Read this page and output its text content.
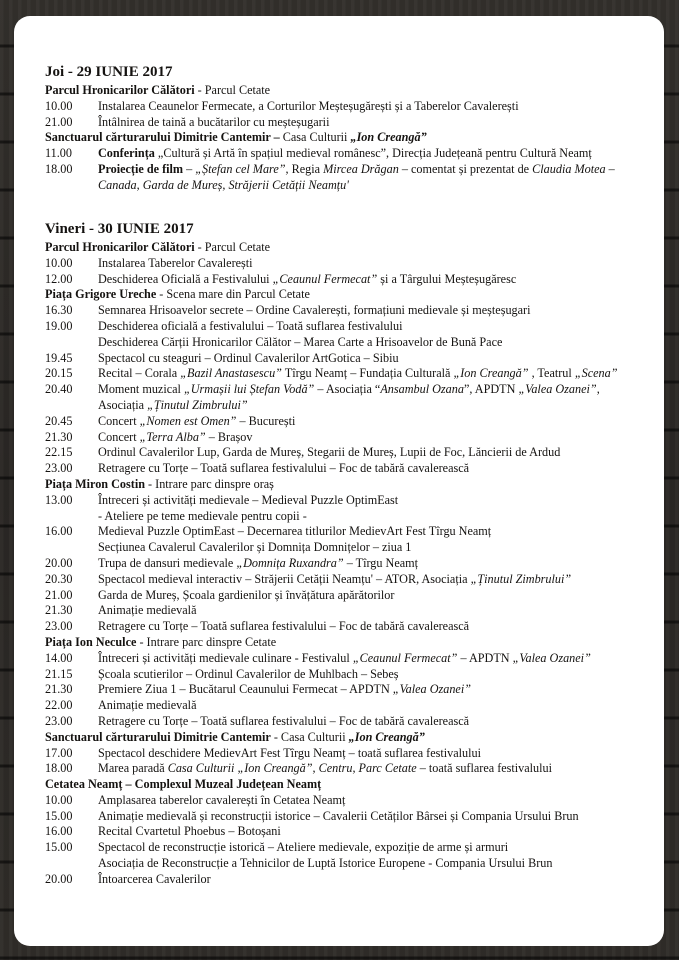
Joi - 29 IUNIE 2017
Parcul Hronicarilor Călători - Parcul Cetate
10.00	Instalarea Ceaunelor Fermecate, a Corturilor Meșteșugărești și a Taberelor Cavalerești
21.00	Întâlnirea de taină a bucătarilor cu meșteșugarii
Sanctuarul cărturarului Dimitrie Cantemir – Casa Culturii „Ion Creangă”
11.00	Conferința „Cultură și Artă în spațiul medieval românesc”, Direcția Județeană pentru Cultură Neamț
18.00	Proiecție de film – „Ștefan cel Mare”, Regia Mircea Drăgan – comentat și prezentat de Claudia Motea – Canada, Garda de Mureș, Străjerii Cetății Neamțu'
Vineri - 30 IUNIE 2017
Parcul Hronicarilor Călători - Parcul Cetate
10.00	Instalarea Taberelor Cavalerești
12.00	Deschiderea Oficială a Festivalului „Ceaunul Fermecat” și a Târgului Meșteșugăresc
Piața Grigore Ureche - Scena mare din Parcul Cetate
16.30	Semnarea Hrisoavelor secrete – Ordine Cavalerești, formațiuni medievale și meșteșugari
19.00	Deschiderea oficială a festivalului – Toată suflarea festivalului
Deschiderea Cărții Hronicarilor Călător – Marea Carte a Hrisoavelor de Bună Pace
19.45	Spectacol cu steaguri – Ordinul Cavalerilor ArtGotica – Sibiu
20.15	Recital – Corala „Bazil Anastasescu” Tîrgu Neamț – Fundația Culturală „Ion Creangă” , Teatrul „Scena”
20.40	Moment muzical „Urmașii lui Ștefan Vodă” – Asociația “Ansambul Ozana”, APDTN „Valea Ozanei”, Asociația „Ținutul Zimbrului”
20.45	Concert „Nomen est Omen” – București
21.30	Concert „Terra Alba” – Brașov
22.15	Ordinul Cavalerilor Lup, Garda de Mureș, Stegarii de Mureș, Lupii de Foc, Lăncierii de Ardud
23.00	Retragere cu Torțe – Toată suflarea festivalului – Foc de tabără cavalerească
Piața Miron Costin - Intrare parc dinspre oraș
13.00	Întreceri și activități medievale – Medieval Puzzle OptimEast
- Ateliere pe teme medievale pentru copii -
16.00	Medieval Puzzle OptimEast – Decernarea titlurilor MedievArt Fest Tîrgu Neamț
Secțiunea Cavalerul Cavalerilor și Domnița Domnițelor – ziua 1
20.00	Trupa de dansuri medievale „Domnița Ruxandra” – Tîrgu Neamț
20.30	Spectacol medieval interactiv – Străjerii Cetății Neamțu' – ATOR, Asociația „Ținutul Zimbrului”
21.00	Garda de Mureș, Școala gardienilor și învățătura apărătorilor
21.30	Animație medievală
23.00	Retragere cu Torțe – Toată suflarea festivalului – Foc de tabără cavalerească
Piața Ion Neculce - Intrare parc dinspre Cetate
14.00	Întreceri și activități medievale culinare - Festivalul „Ceaunul Fermecat” – APDTN „Valea Ozanei”
21.15	Școala scutierilor – Ordinul Cavalerilor de Muhlbach – Sebeș
21.30	Premiere Ziua 1 – Bucătarul Ceaunului Fermecat – APDTN „Valea Ozanei”
22.00	Animație medievală
23.00	Retragere cu Torțe – Toată suflarea festivalului – Foc de tabără cavalerească
Sanctuarul cărturarului Dimitrie Cantemir - Casa Culturii „Ion Creangă”
17.00	Spectacol deschidere MedievArt Fest Tîrgu Neamț – toată suflarea festivalului
18.00	Marea paradă Casa Culturii „Ion Creangă”, Centru, Parc Cetate – toată suflarea festivalului
Cetatea Neamț – Complexul Muzeal Județean Neamț
10.00	Amplasarea taberelor cavalerești în Cetatea Neamț
15.00	Animație medievală și reconstrucții istorice – Cavalerii Cetăților Bârsei și Compania Ursului Brun
16.00	Recital Cvartetul Phoebus – Botoșani
15.00	Spectacol de reconstrucție istorică – Ateliere medievale, expoziție de arme și armuri
Asociația de Reconstrucție a Tehnicilor de Luptă Istorice Europene - Compania Ursului Brun
20.00	Întoarcerea Cavalerilor
